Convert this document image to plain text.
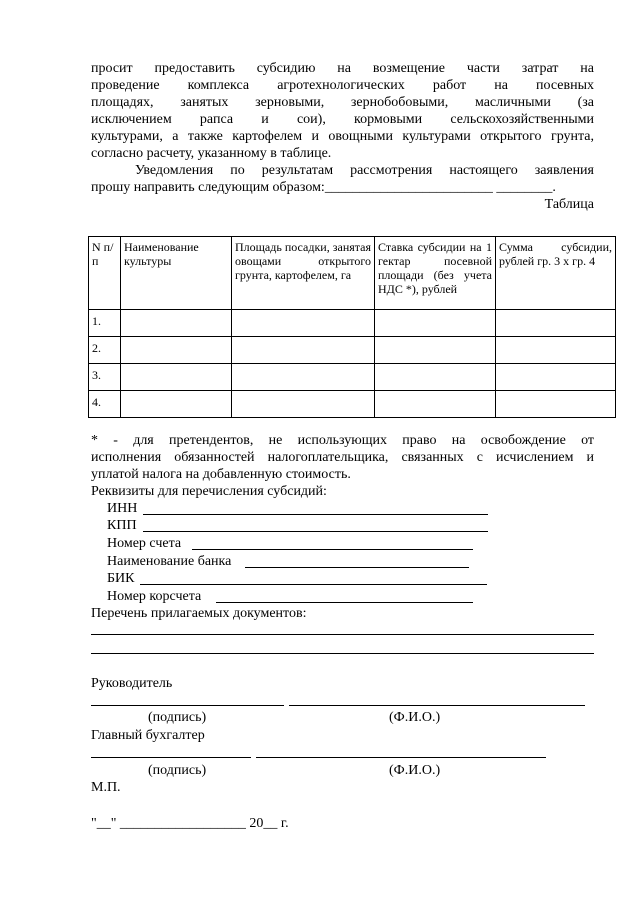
просит предоставить субсидию на возмещение части затрат на
проведение комплекса агротехнологических работ на посевных
площадях, занятых зерновыми, зернобобовыми, масличными (за
исключением рапса и сои), кормовыми сельскохозяйственными
культурами, а также картофелем и овощными культурами открытого грунта,
согласно расчету, указанному в таблице.
Уведомления по результатам рассмотрения настоящего заявления
прошу направить следующим образом:________________________ ________.
Таблица
N п/п	Наименование культуры	Площадь посадки, занятая овощами открытого грунта, картофелем, га	Ставка субсидии на 1 гектар посевной площади (без учета НДС *), рублей	Сумма субсидии, рублей гр. 3 x гр. 4
1.				
2.				
3.				
4.				
* - для претендентов, не использующих право на освобождение от
исполнения обязанностей налогоплательщика, связанных с исчислением и
уплатой налога на добавленную стоимость.
Реквизиты для перечисления субсидий:
ИНН
КПП
Номер счета
Наименование банка
БИК
Номер корсчета
Перечень прилагаемых документов:
Руководитель
(подпись)	(Ф.И.О.)
Главный бухгалтер
(подпись)	(Ф.И.О.)
М.П.
"__" __________________ 20__ г.
